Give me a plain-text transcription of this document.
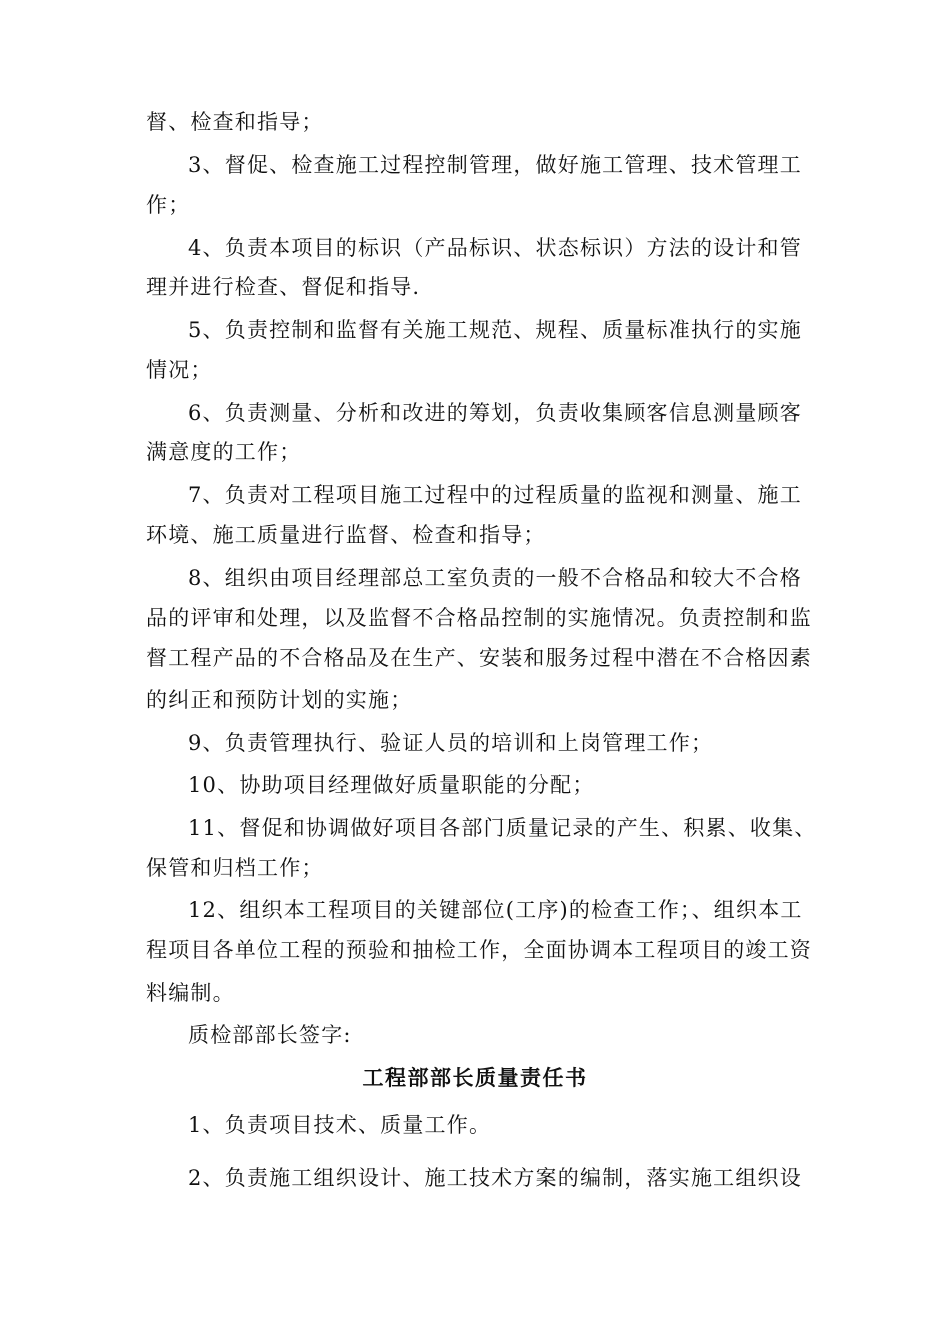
督、检查和指导；
3、督促、检查施工过程控制管理，做好施工管理、技术管理工
作；
4、负责本项目的标识（产品标识、状态标识）方法的设计和管
理并进行检查、督促和指导.
5、负责控制和监督有关施工规范、规程、质量标准执行的实施
情况；
6、负责测量、分析和改进的筹划，负责收集顾客信息测量顾客
满意度的工作；
7、负责对工程项目施工过程中的过程质量的监视和测量、施工
环境、施工质量进行监督、检查和指导；
8、组织由项目经理部总工室负责的一般不合格品和较大不合格
品的评审和处理，以及监督不合格品控制的实施情况。负责控制和监
督工程产品的不合格品及在生产、安装和服务过程中潜在不合格因素
的纠正和预防计划的实施；
9、负责管理执行、验证人员的培训和上岗管理工作；
10、协助项目经理做好质量职能的分配；
11、督促和协调做好项目各部门质量记录的产生、积累、收集、
保管和归档工作；
12、组织本工程项目的关键部位(工序)的检查工作；、组织本工
程项目各单位工程的预验和抽检工作，全面协调本工程项目的竣工资
料编制。
质检部部长签字:
工程部部长质量责任书
1、负责项目技术、质量工作。
2、负责施工组织设计、施工技术方案的编制，落实施工组织设
